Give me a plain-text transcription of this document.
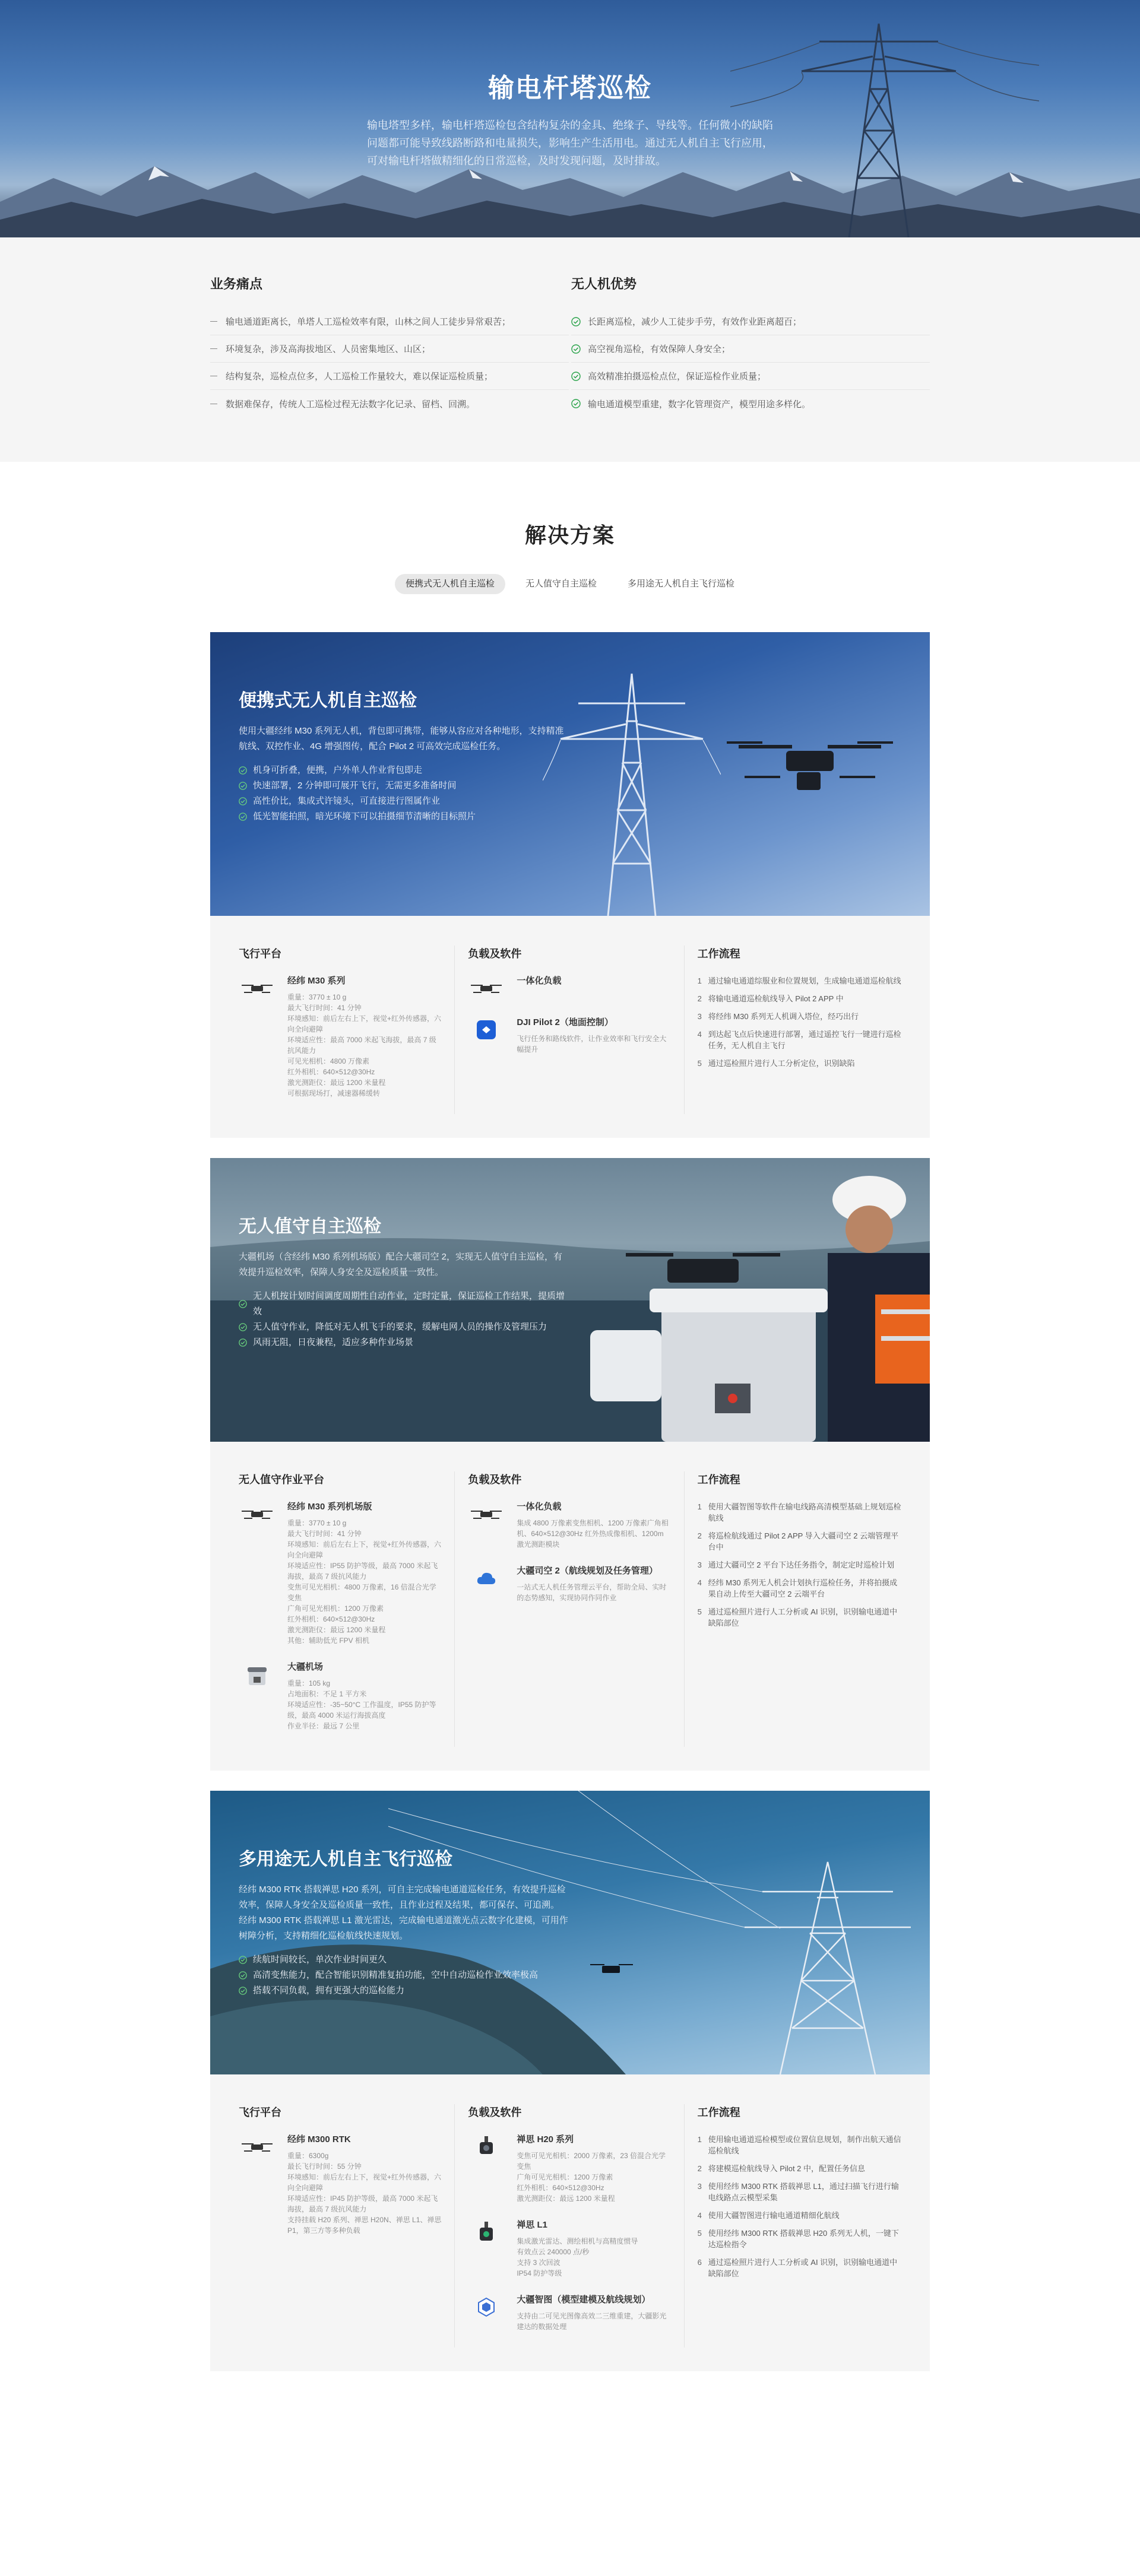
输电杆塔巡检

输电塔型多样，输电杆塔巡检包含结构复杂的金具、绝缘子、导线等。任何微小的缺陷问题都可能导致线路断路和电量损失，影响生产生活用电。通过无人机自主飞行应用，可对输电杆塔做精细化的日常巡检，及时发现问题，及时排故。

业务痛点
输电通道距离长，单塔人工巡检效率有限，山林之间人工徒步异常艰苦；
环境复杂，涉及高海拔地区、人员密集地区、山区；
结构复杂，巡检点位多，人工巡检工作量较大，难以保证巡检质量；
数据难保存，传统人工巡检过程无法数字化记录、留档、回溯。
无人机优势
长距离巡检，减少人工徒步手劳，有效作业距离超百；
高空视角巡检，有效保障人身安全；
高效精准拍摄巡检点位，保证巡检作业质量；
输电通道模型重建，数字化管理资产，模型用途多样化。
解决方案
便携式无人机自主巡检	无人值守自主巡检	多用途无人机自主飞行巡检
便携式无人机自主巡检

使用大疆经纬 M30 系列无人机，背包即可携带，能够从容应对各种地形，支持精准航线、双控作业、4G 增强图传，配合 Pilot 2 可高效完成巡检任务。

机身可折叠，便携，户外单人作业背包即走
快速部署，2 分钟即可展开飞行，无需更多准备时间
高性价比，集成式许镜头，可直接进行图属作业
低光智能拍照，暗光环境下可以拍摄细节清晰的目标照片
飞行平台
经纬 M30 系列
重量：3770 ± 10 g
最大飞行时间：41 分钟
环境感知：前后左右上下，视觉+红外传感器，六向全向避障
环境适应性：最高 7000 米起飞海拔，最高 7 级抗风能力
可见光相机：4800 万像素
红外相机：640×512@30Hz
激光测距仪：最远 1200 米量程
可根据现场打，减速器稀缓转
负载及软件
一体化负载
DJI Pilot 2（地面控制）
飞行任务和路线软件，让作业效率和飞行安全大幅提升
工作流程
1 通过输电通道综服业和位置规划，生成输电通道巡检航线
2 将输电通道巡检航线导入 Pilot 2 APP 中
3 将经纬 M30 系列无人机调入塔位，经巧出行
4 到达起飞点后快速进行部署，通过遥控飞行一键进行巡检任务，无人机自主飞行
5 通过巡检照片进行人工分析定位，识别缺陷
无人值守自主巡检

大疆机场（含经纬 M30 系列机场版）配合大疆司空 2，实现无人值守自主巡检，有效提升巡检效率，保障人身安全及巡检质量一致性。

无人机按计划时间调度周期性自动作业，定时定量，保证巡检工作结果，提质增效
无人值守作业，降低对无人机飞手的要求，缓解电网人员的操作及管理压力
风雨无阻，日夜兼程，适应多种作业场景
无人值守作业平台
经纬 M30 系列机场版
重量：3770 ± 10 g
最大飞行时间：41 分钟
环境感知：前后左右上下，视觉+红外传感器，六向全向避障
环境适应性：IP55 防护等级，最高 7000 米起飞海拔，最高 7 级抗风能力
变焦可见光相机：4800 万像素，16 倍混合光学变焦
广角可见光相机：1200 万像素
红外相机：640×512@30Hz
激光测距仪：最远 1200 米量程
其他：辅助低光 FPV 相机
大疆机场
重量：105 kg
占地面积：不足 1 平方米
环境适应性：-35~50°C 工作温度，IP55 防护等级，最高 4000 米运行海拔高度
作业半径：最远 7 公里
负载及软件
一体化负载
集成 4800 万像素变焦相机、1200 万像素广角相机、640×512@30Hz 红外热成像相机、1200m 激光测距模块
大疆司空 2（航线规划及任务管理）
一站式无人机任务管理云平台，帮助全局、实时的态势感知，实现协同作同作业
工作流程
1 使用大疆智图等软件在输电线路高清模型基础上规划巡检航线
2 将巡检航线通过 Pilot 2 APP 导入大疆司空 2 云端管理平台中
3 通过大疆司空 2 平台下达任务指令，制定定时巡检计划
4 经纬 M30 系列无人机会计划执行巡检任务，并将拍摄成果自动上传至大疆司空 2 云端平台
5 通过巡检照片进行人工分析或 AI 识别，识别输电通道中缺陷部位
多用途无人机自主飞行巡检

经纬 M300 RTK 搭载禅思 H20 系列，可自主完成输电通道巡检任务，有效提升巡检效率，保障人身安全及巡检质量一致性，且作业过程及结果，都可保存、可追溯。

经纬 M300 RTK 搭载禅思 L1 激光雷达，完成输电通道激光点云数字化建模，可用作树障分析，支持精细化巡检航线快速规划。

续航时间较长，单次作业时间更久
高清变焦能力，配合智能识别精准复拍功能，空中自动巡检作业效率极高
搭载不同负载，拥有更强大的巡检能力
飞行平台
经纬 M300 RTK
重量：6300g
最长飞行时间：55 分钟
环境感知：前后左右上下，视觉+红外传感器，六向全向避障
环境适应性：IP45 防护等级，最高 7000 米起飞海拔，最高 7 级抗风能力
支持挂载 H20 系列、禅思 H20N、禅思 L1、禅思 P1，第三方等多种负载
负载及软件
禅思 H20 系列
变焦可见光相机：2000 万像素，23 倍混合光学变焦
广角可见光相机：1200 万像素
红外相机：640×512@30Hz
激光测距仪：最远 1200 米量程
禅思 L1
集成激光雷达、测绘相机与高精度惯导
有效点云 240000 点/秒
支持 3 次回波
IP54 防护等级
大疆智图（模型建模及航线规划）
支持由二可见光图像高效二三维重建，大疆影光建达的数据处理
工作流程
1 使用输电通道巡检模型或位置信息规划，制作出航天通信巡检航线
2 将建模巡检航线导入 Pilot 2 中，配置任务信息
3 使用经纬 M300 RTK 搭载禅思 L1，通过扫描飞行进行输电线路点云模型采集
4 使用大疆智图进行输电通道精细化航线
5 使用经纬 M300 RTK 搭载禅思 H20 系列无人机，一键下达巡检指令
6 通过巡检照片进行人工分析或 AI 识别，识别输电通道中缺陷部位
